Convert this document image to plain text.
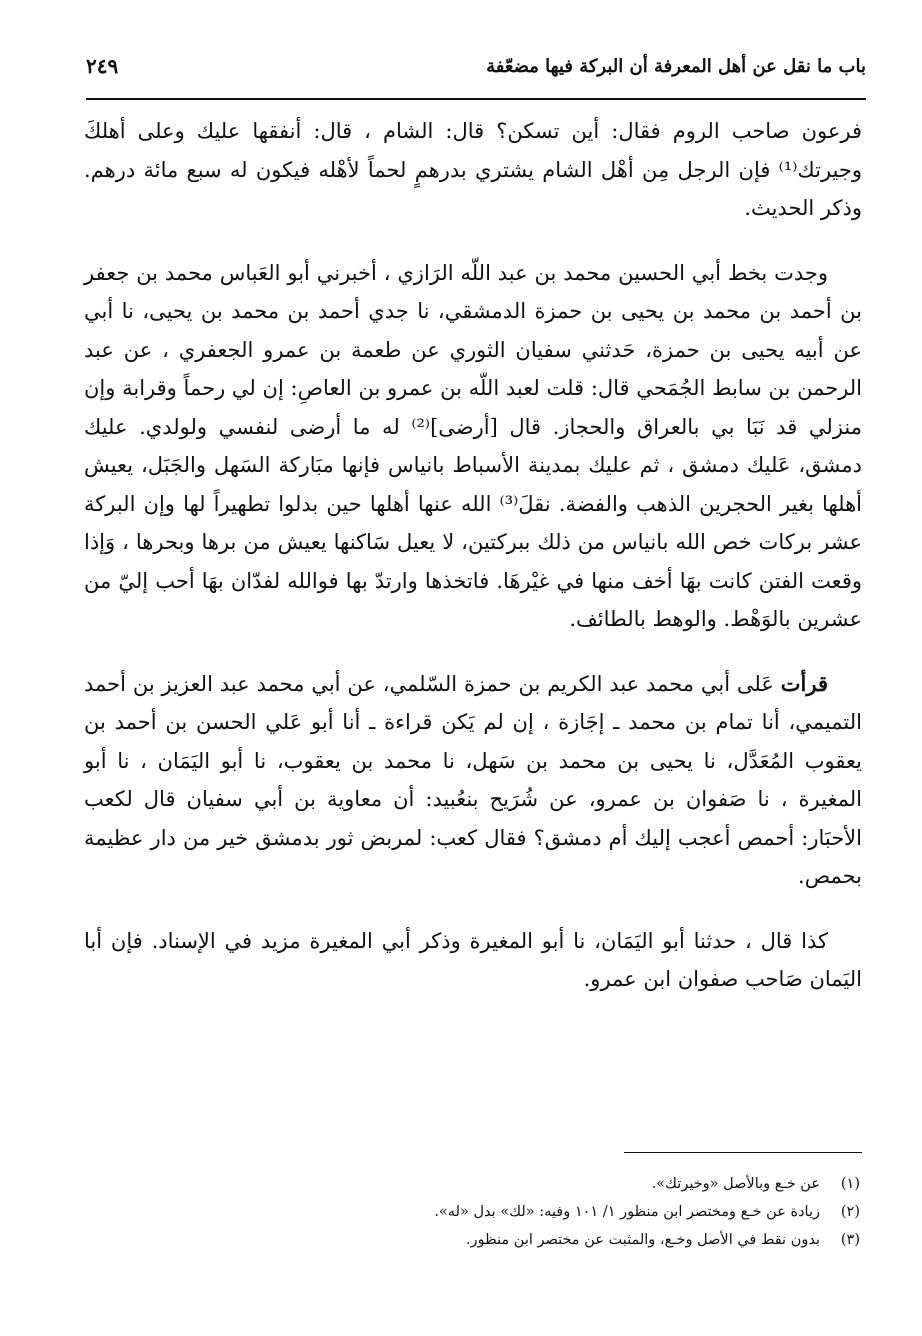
باب ما نقل عن أهل المعرفة أن البركة فيها مضعّفة
٢٤٩

فرعون صاحب الروم فقال: أين تسكن؟ قال: الشام ، قال: أنفقها عليك وعلى أهلكَ وجيرتك⁽¹⁾ فإن الرجل مِن أهْل الشام يشتري بدرهمٍ لحماً لأهْله فيكون له سبع مائة درهم. وذكر الحديث.

وجدت بخط أبي الحسين محمد بن عبد اللّه الرَازي ، أخبرني أبو العَباس محمد بن جعفر بن أحمد بن محمد بن يحيى بن حمزة الدمشقي، نا جدي أحمد بن محمد بن يحيى، نا أبي عن أبيه يحيى بن حمزة، حَدثني سفيان الثوري عن طعمة بن عمرو الجعفري ، عن عبد الرحمن بن سابط الجُمَحي قال: قلت لعبد اللّه بن عمرو بن العاصِ: إن لي رحماً وقرابة وإن منزلي قد نَبَا بي بالعراق والحجاز. قال [أرضى]⁽²⁾ له ما أرضى لنفسي ولولدي. عليك دمشق، عَليك دمشق ، ثم عليك بمدينة الأسباط بانياس فإنها مبَاركة السَهل والجَبَل، يعيش أهلها بغير الحجرين الذهب والفضة. نقلَ⁽³⁾ الله عنها أهلها حين بدلوا تطهيراً لها وإن البركة عشر بركات خص الله بانياس من ذلك ببركتين، لا يعيل سَاكنها يعيش من برها وبحرها ، وَإذا وقعت الفتن كانت بهَا أخف منها في غيْرهَا. فاتخذها وارتدّ بها فوالله لفدّان بهَا أحب إليّ من عشرين بالوَهْط. والوهط بالطائف.

قرأت عَلى أبي محمد عبد الكريم بن حمزة السّلمي، عن أبي محمد عبد العزيز بن أحمد التميمي، أنا تمام بن محمد ـ إجَازة ، إن لم يَكن قراءة ـ أنا أبو عَلي الحسن بن أحمد بن يعقوب المُعَدَّل، نا يحيى بن محمد بن سَهل، نا محمد بن يعقوب، نا أبو اليَمَان ، نا أبو المغيرة ، نا صَفوان بن عمرو، عن شُرَيح بنعُبيد: أن معاوية بن أبي سفيان قال لكعب الأحبَار: أحمص أعجب إليك أم دمشق؟ فقال كعب: لمربض ثور بدمشق خير من دار عظيمة بحمص.

كذا قال ، حدثنا أبو اليَمَان، نا أبو المغيرة وذكر أبي المغيرة مزيد في الإسناد. فإن أبا اليَمان صَاحب صفوان ابن عمرو.

(١)عن خـع وبالأصل «وخيرتك».
(٢)زيادة عن خـع ومختصر ابن منظور ١/ ١٠١ وفيه: «لك» بدل «له».
(٣)بدون نقط في الأصل وخـع، والمثبت عن مختصر ابن منظور.
